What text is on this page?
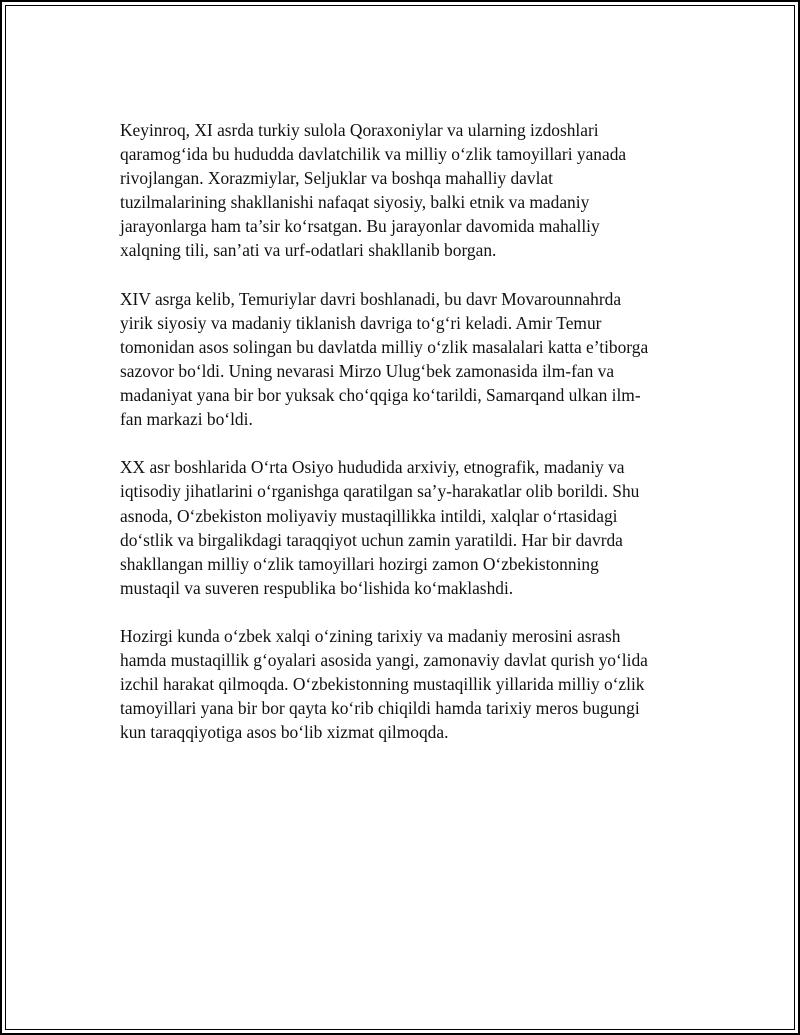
Keyinroq, XI asrda turkiy sulola Qoraxoniylar va ularning izdoshlari
qaramog‘ida bu hududda davlatchilik va milliy o‘zlik tamoyillari yanada
rivojlangan. Xorazmiylar, Seljuklar va boshqa mahalliy davlat
tuzilmalarining shakllanishi nafaqat siyosiy, balki etnik va madaniy
jarayonlarga ham ta’sir ko‘rsatgan. Bu jarayonlar davomida mahalliy
xalqning tili, san’ati va urf-odatlari shakllanib borgan.

XIV asrga kelib, Temuriylar davri boshlanadi, bu davr Movarounnahrda
yirik siyosiy va madaniy tiklanish davriga to‘g‘ri keladi. Amir Temur
tomonidan asos solingan bu davlatda milliy o‘zlik masalalari katta e’tiborga
sazovor bo‘ldi. Uning nevarasi Mirzo Ulug‘bek zamonasida ilm-fan va
madaniyat yana bir bor yuksak cho‘qqiga ko‘tarildi, Samarqand ulkan ilm-
fan markazi bo‘ldi.

XX asr boshlarida O‘rta Osiyo hududida arxiviy, etnografik, madaniy va
iqtisodiy jihatlarini o‘rganishga qaratilgan sa’y-harakatlar olib borildi. Shu
asnoda, O‘zbekiston moliyaviy mustaqillikka intildi, xalqlar o‘rtasidagi
do‘stlik va birgalikdagi taraqqiyot uchun zamin yaratildi. Har bir davrda
shakllangan milliy o‘zlik tamoyillari hozirgi zamon O‘zbekistonning
mustaqil va suveren respublika bo‘lishida ko‘maklashdi.

Hozirgi kunda o‘zbek xalqi o‘zining tarixiy va madaniy merosini asrash
hamda mustaqillik g‘oyalari asosida yangi, zamonaviy davlat qurish yo‘lida
izchil harakat qilmoqda. O‘zbekistonning mustaqillik yillarida milliy o‘zlik
tamoyillari yana bir bor qayta ko‘rib chiqildi hamda tarixiy meros bugungi
kun taraqqiyotiga asos bo‘lib xizmat qilmoqda.
